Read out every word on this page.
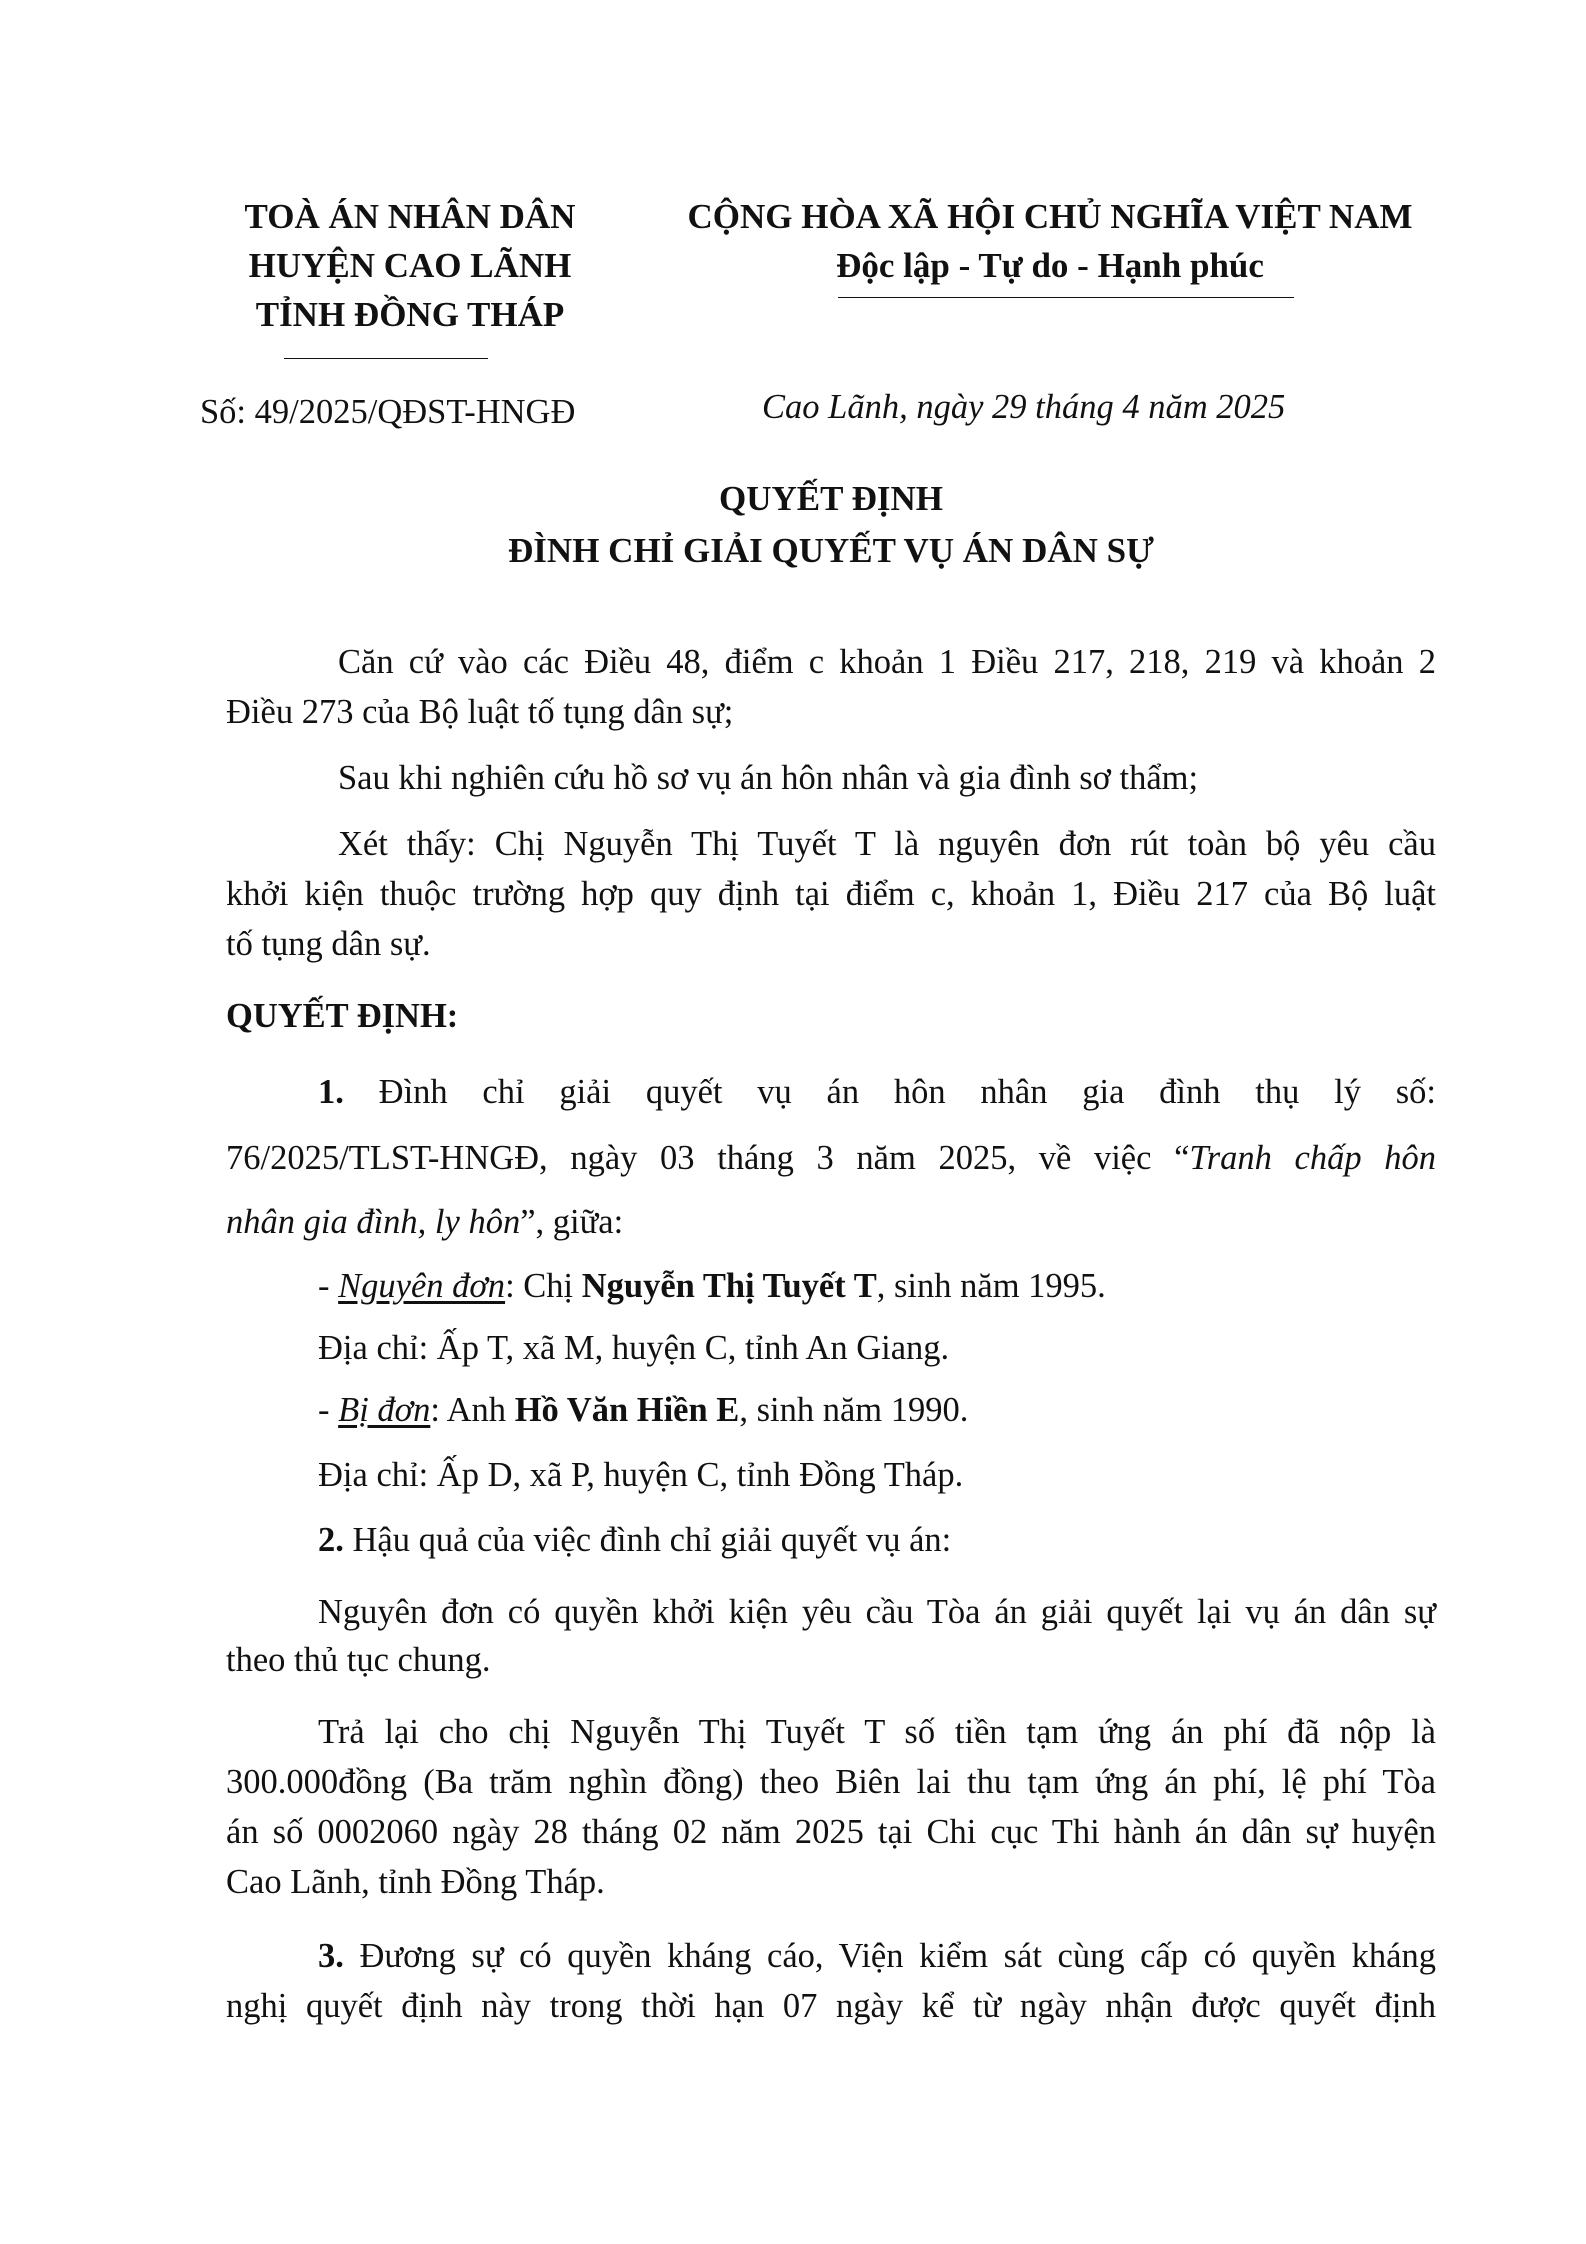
TOÀ ÁN NHÂN DÂN
HUYỆN CAO LÃNH
TỈNH ĐỒNG THÁP
CỘNG HÒA XÃ HỘI CHỦ NGHĨA VIỆT NAM
Độc lập - Tự do - Hạnh phúc
Số: 49/2025/QĐST-HNGĐ	Cao Lãnh, ngày 29 tháng 4 năm 2025
QUYẾT ĐỊNH
ĐÌNH CHỈ GIẢI QUYẾT VỤ ÁN DÂN SỰ
Căn cứ vào các Điều 48, điểm c khoản 1 Điều 217, 218, 219 và khoản 2
Điều 273 của Bộ luật tố tụng dân sự;
Sau khi nghiên cứu hồ sơ vụ án hôn nhân và gia đình sơ thẩm;
Xét thấy: Chị Nguyễn Thị Tuyết T là nguyên đơn rút toàn bộ yêu cầu
khởi kiện thuộc trường hợp quy định tại điểm c, khoản 1, Điều 217 của Bộ luật
tố tụng dân sự.
QUYẾT ĐỊNH:
1. Đình chỉ giải quyết vụ án hôn nhân gia đình thụ lý số:
76/2025/TLST-HNGĐ, ngày 03 tháng 3 năm 2025, về việc “Tranh chấp hôn
nhân gia đình, ly hôn”, giữa:
- Nguyên đơn: Chị Nguyễn Thị Tuyết T, sinh năm 1995.
Địa chỉ: Ấp T, xã M, huyện C, tỉnh An Giang.
- Bị đơn: Anh Hồ Văn Hiền E, sinh năm 1990.
Địa chỉ: Ấp D, xã P, huyện C, tỉnh Đồng Tháp.
2. Hậu quả của việc đình chỉ giải quyết vụ án:
Nguyên đơn có quyền khởi kiện yêu cầu Tòa án giải quyết lại vụ án dân sự
theo thủ tục chung.
Trả lại cho chị Nguyễn Thị Tuyết T số tiền tạm ứng án phí đã nộp là
300.000đồng (Ba trăm nghìn đồng) theo Biên lai thu tạm ứng án phí, lệ phí Tòa
án số 0002060 ngày 28 tháng 02 năm 2025 tại Chi cục Thi hành án dân sự huyện
Cao Lãnh, tỉnh Đồng Tháp.
3. Đương sự có quyền kháng cáo, Viện kiểm sát cùng cấp có quyền kháng
nghị quyết định này trong thời hạn 07 ngày kể từ ngày nhận được quyết định
